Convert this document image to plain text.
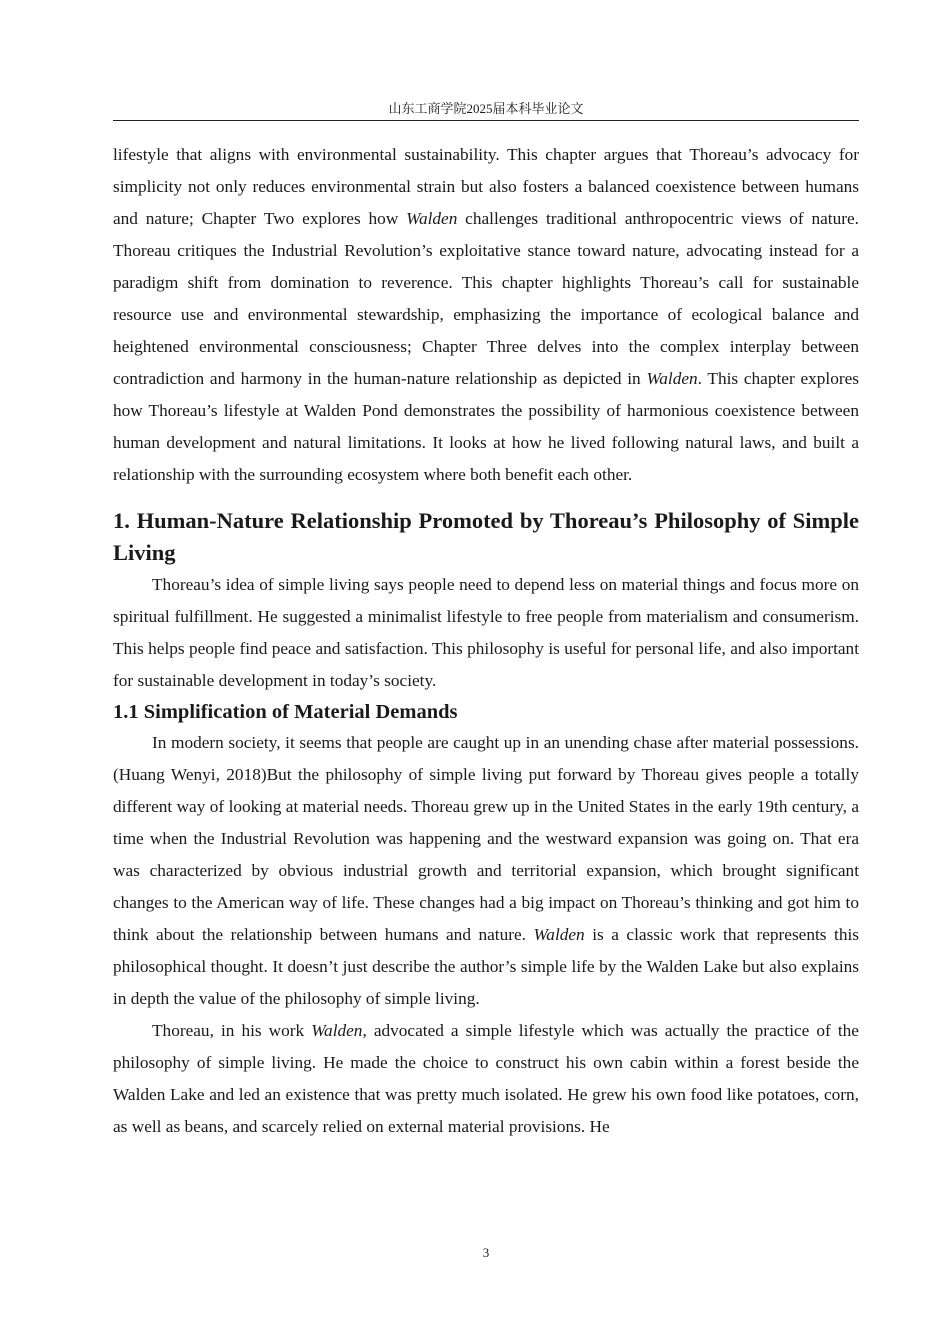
山东工商学院2025届本科毕业论文

lifestyle that aligns with environmental sustainability. This chapter argues that Thoreau’s advocacy for simplicity not only reduces environmental strain but also fosters a balanced coexistence between humans and nature; Chapter Two explores how Walden challenges traditional anthropocentric views of nature. Thoreau critiques the Industrial Revolution’s exploitative stance toward nature, advocating instead for a paradigm shift from domination to reverence. This chapter highlights Thoreau’s call for sustainable resource use and environmental stewardship, emphasizing the importance of ecological balance and heightened environmental consciousness; Chapter Three delves into the complex interplay between contradiction and harmony in the human-nature relationship as depicted in Walden. This chapter explores how Thoreau’s lifestyle at Walden Pond demonstrates the possibility of harmonious coexistence between human development and natural limitations. It looks at how he lived following natural laws, and built a relationship with the surrounding ecosystem where both benefit each other.

1. Human-Nature Relationship Promoted by Thoreau’s Philosophy of Simple Living

Thoreau’s idea of simple living says people need to depend less on material things and focus more on spiritual fulfillment. He suggested a minimalist lifestyle to free people from materialism and consumerism. This helps people find peace and satisfaction. This philosophy is useful for personal life, and also important for sustainable development in today’s society.

1.1 Simplification of Material Demands

In modern society, it seems that people are caught up in an unending chase after material possessions.(Huang Wenyi, 2018)But the philosophy of simple living put forward by Thoreau gives people a totally different way of looking at material needs. Thoreau grew up in the United States in the early 19th century, a time when the Industrial Revolution was happening and the westward expansion was going on. That era was characterized by obvious industrial growth and territorial expansion, which brought significant changes to the American way of life. These changes had a big impact on Thoreau’s thinking and got him to think about the relationship between humans and nature. Walden is a classic work that represents this philosophical thought. It doesn’t just describe the author’s simple life by the Walden Lake but also explains in depth the value of the philosophy of simple living.

Thoreau, in his work Walden, advocated a simple lifestyle which was actually the practice of the philosophy of simple living. He made the choice to construct his own cabin within a forest beside the Walden Lake and led an existence that was pretty much isolated. He grew his own food like potatoes, corn, as well as beans, and scarcely relied on external material provisions. He

3
